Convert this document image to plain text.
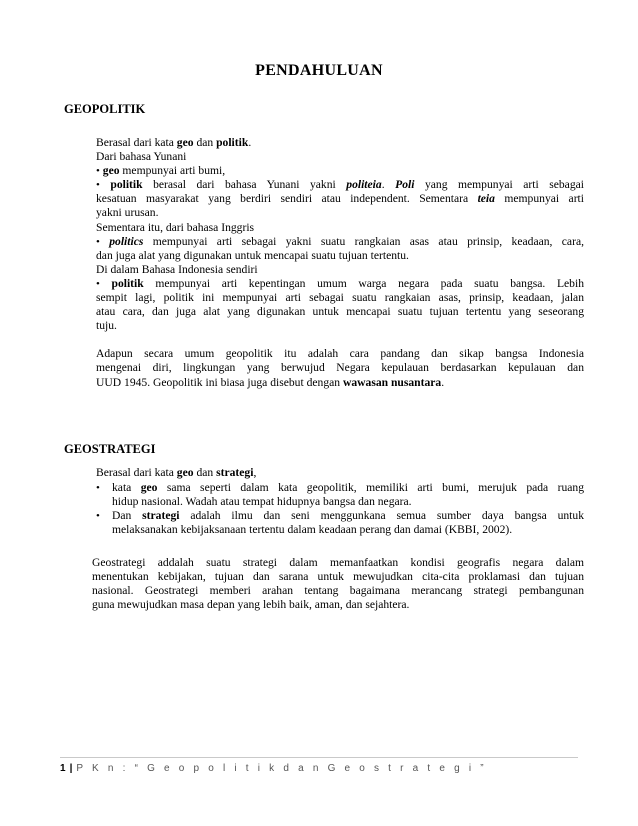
PENDAHULUAN
GEOPOLITIK
Berasal dari kata geo dan politik.
Dari bahasa Yunani
• geo mempunyai arti bumi,
• politik berasal dari bahasa Yunani yakni politeia. Poli yang mempunyai arti sebagai
kesatuan masyarakat yang berdiri sendiri atau independent. Sementara teia mempunyai arti
yakni urusan.
Sementara itu, dari bahasa Inggris
• politics mempunyai arti sebagai yakni suatu rangkaian asas atau prinsip, keadaan, cara,
dan juga alat yang digunakan untuk mencapai suatu tujuan tertentu.
Di dalam Bahasa Indonesia sendiri
• politik mempunyai arti kepentingan umum warga negara pada suatu bangsa. Lebih
sempit lagi, politik ini mempunyai arti sebagai suatu rangkaian asas, prinsip, keadaan, jalan
atau cara, dan juga alat yang digunakan untuk mencapai suatu tujuan tertentu yang seseorang
tuju.
Adapun secara umum geopolitik itu adalah cara pandang dan sikap bangsa Indonesia
mengenai diri, lingkungan yang berwujud Negara kepulauan berdasarkan kepulauan dan
UUD 1945. Geopolitik ini biasa juga disebut dengan wawasan nusantara.
GEOSTRATEGI
Berasal dari kata geo dan strategi,
• kata geo sama seperti dalam kata geopolitik, memiliki arti bumi, merujuk pada ruang
hidup nasional. Wadah atau tempat hidupnya bangsa dan negara.
• Dan strategi adalah ilmu dan seni menggunkana semua sumber daya bangsa untuk
melaksanakan kebijaksanaan tertentu dalam keadaan perang dan damai (KBBI, 2002).
Geostrategi addalah suatu strategi dalam memanfaatkan kondisi geografis negara dalam
menentukan kebijakan, tujuan dan sarana untuk mewujudkan cita-cita proklamasi dan tujuan
nasional. Geostrategi memberi arahan tentang bagaimana merancang strategi pembangunan
guna mewujudkan masa depan yang lebih baik, aman, dan sejahtera.
1 | P K n : “ G e o p o l i t i k d a n G e o s t r a t e g i ”
